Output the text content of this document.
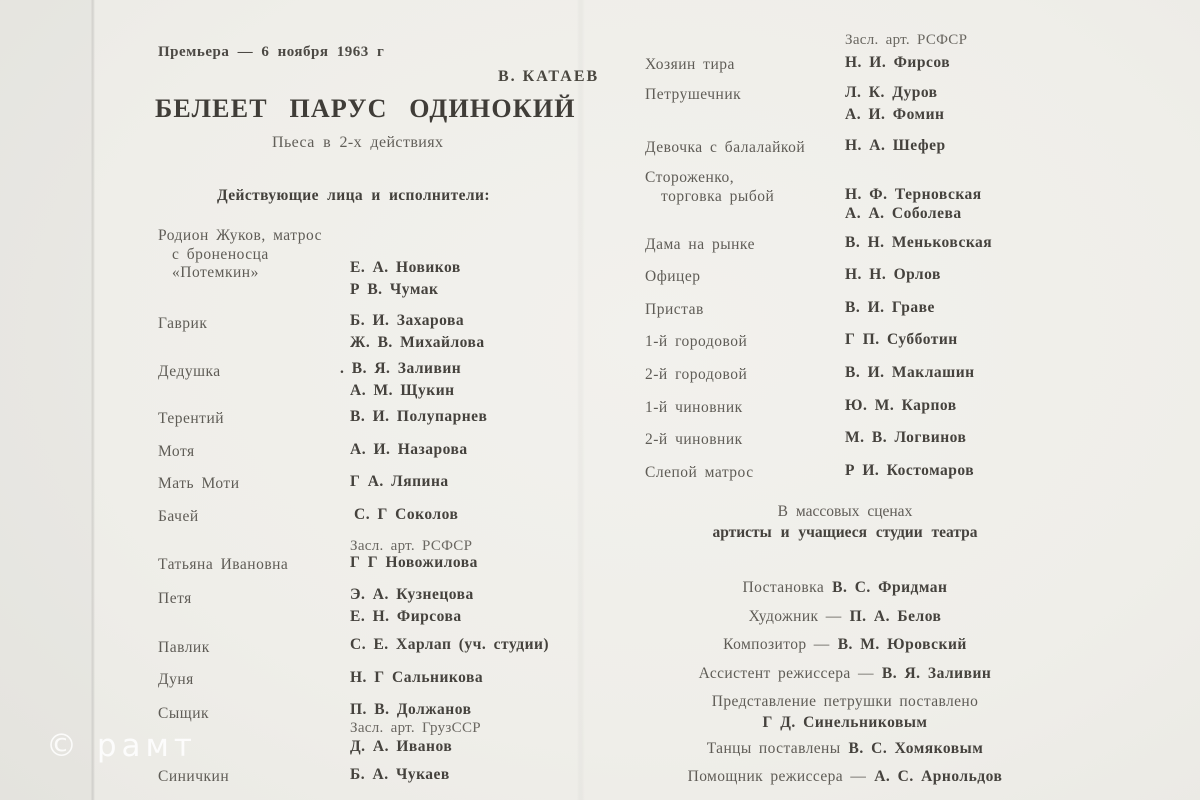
Премьера — 6 ноября 1963 г
В. КАТАЕВ
БЕЛЕЕТ ПАРУС ОДИНОКИЙ
Пьеса в 2-х действиях
Действующие лица и исполнители:
Родион Жуков, матрос
с броненосца
«Потемкин»	Е. А. Новиков
Р В. Чумак
Гаврик	Б. И. Захарова
Ж. В. Михайлова
Дедушка	. В. Я. Заливин
А. М. Щукин
Терентий	В. И. Полупарнев
Мотя	А. И. Назарова
Мать Моти	Г А. Ляпина
Бачей	С. Г Соколов
Засл. арт. РСФСР
Татьяна Ивановна	Г Г Новожилова
Петя	Э. А. Кузнецова
Е. Н. Фирсова
Павлик	С. Е. Харлап (уч. студии)
Дуня	Н. Г Сальникова
Сыщик	П. В. Должанов
Засл. арт. ГрузССР
Д. А. Иванов
Синичкин	Б. А. Чукаев
Засл. арт. РСФСР
Хозяин тира	Н. И. Фирсов
Петрушечник	Л. К. Дуров
А. И. Фомин
Девочка с балалайкой	Н. А. Шефер
Стороженко,
торговка рыбой	Н. Ф. Терновская
А. А. Соболева
Дама на рынке	В. Н. Меньковская
Офицер	Н. Н. Орлов
Пристав	В. И. Граве
1-й городовой	Г П. Субботин
2-й городовой	В. И. Маклашин
1-й чиновник	Ю. М. Карпов
2-й чиновник	М. В. Логвинов
Слепой матрос	Р И. Костомаров
В массовых сценах
артисты и учащиеся студии театра
Постановка В. С. Фридман
Художник — П. А. Белов
Композитор — В. М. Юровский
Ассистент режиссера — В. Я. Заливин
Представление петрушки поставлено
Г Д. Синельниковым
Танцы поставлены В. С. Хомяковым
Помощник режиссера — А. С. Арнольдов
© рамт
